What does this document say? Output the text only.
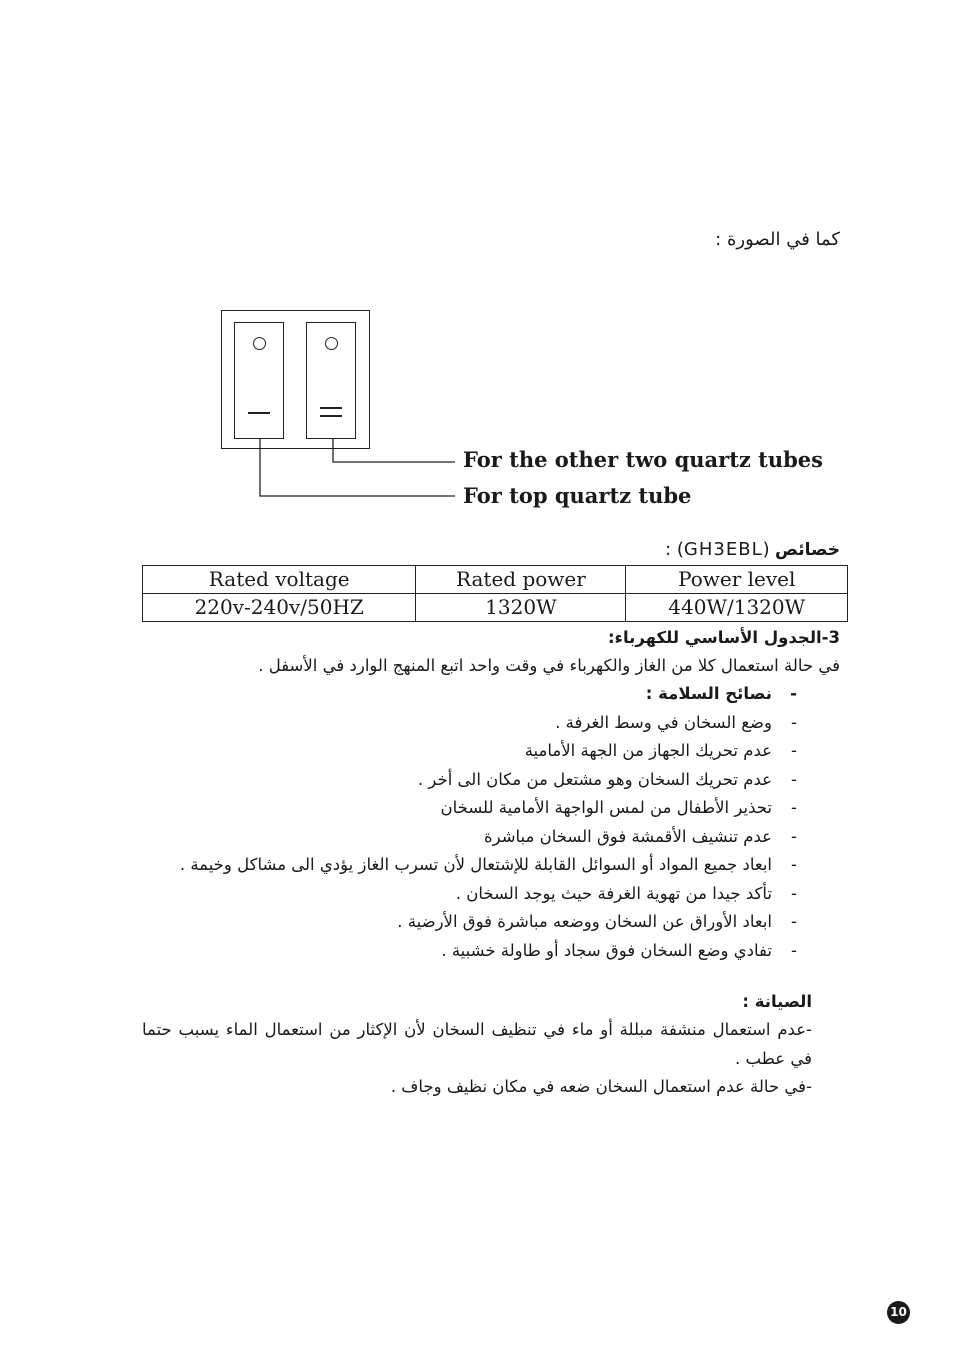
كما في الصورة :
For the other two quartz tubes
For top quartz tube
خصائص (GH3EBL) :
Rated voltage	Rated power	Power level
220v-240v/50HZ	1320W	440W/1320W
3-الجدول الأساسي للكهرباء:
في حالة استعمال كلا من الغاز والكهرباء في وقت واحد اتبع المنهج الوارد في الأسفل .
- نصائح السلامة :
- وضع السخان في وسط الغرفة .
- عدم تحريك الجهاز من الجهة الأمامية
- عدم تحريك السخان وهو مشتعل من مكان الى أخر .
- تحذير الأطفال من لمس الواجهة الأمامية للسخان
- عدم تنشيف الأقمشة فوق السخان مباشرة
- ابعاد جميع المواد أو السوائل القابلة للإشتعال لأن تسرب الغاز يؤدي الى مشاكل وخيمة .
- تأكد جيدا من تهوية الغرفة حيث يوجد السخان .
- ابعاد الأوراق عن السخان ووضعه مباشرة فوق الأرضية .
- تفادي وضع السخان فوق سجاد أو طاولة خشبية .
الصيانة :
-عدم استعمال منشفة مبللة أو ماء في تنظيف السخان لأن الإكثار من استعمال الماء يسبب حتما في عطب .
-في حالة عدم استعمال السخان ضعه في مكان نظيف وجاف .
10
